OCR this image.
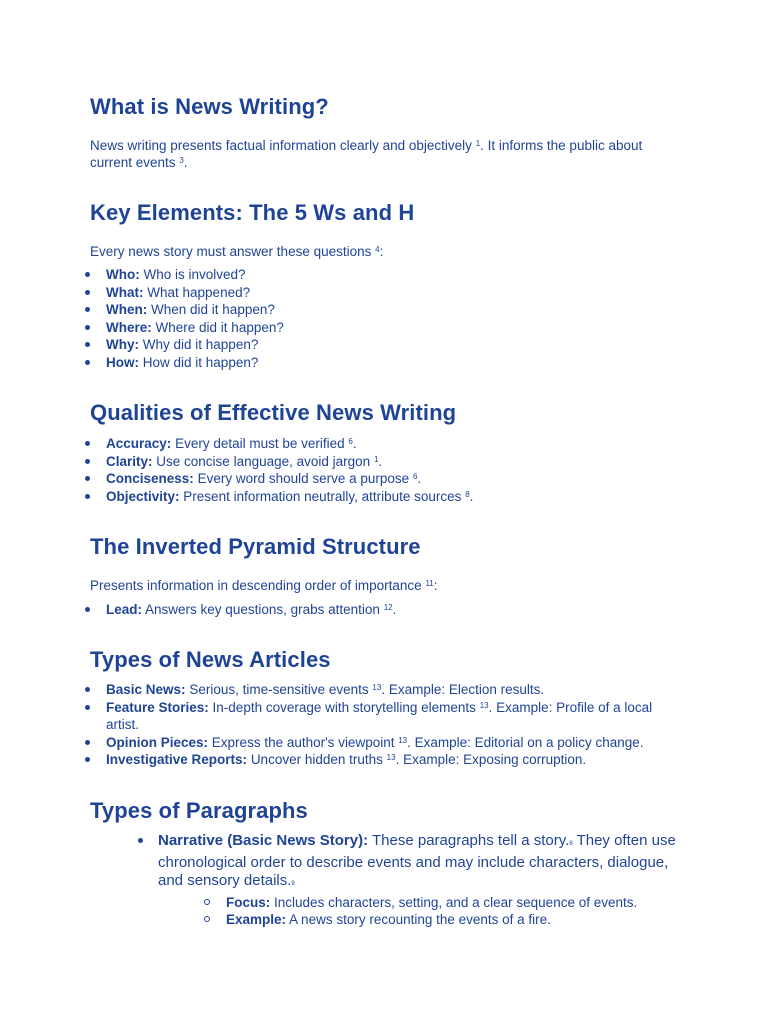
What is News Writing?

News writing presents factual information clearly and objectively $^1$. It informs the public about current events $^3$.

Key Elements: The 5 Ws and H

Every news story must answer these questions $^4$:

Who: Who is involved?
What: What happened?
When: When did it happen?
Where: Where did it happen?
Why: Why did it happen?
How: How did it happen?
Qualities of Effective News Writing
Accuracy: Every detail must be verified $^6$.
Clarity: Use concise language, avoid jargon $^1$.
Conciseness: Every word should serve a purpose $^6$.
Objectivity: Present information neutrally, attribute sources $^8$.
The Inverted Pyramid Structure

Presents information in descending order of importance $^{11}$:

Lead: Answers key questions, grabs attention $^{12}$.
Types of News Articles
Basic News: Serious, time-sensitive events $^{13}$. Example: Election results.
Feature Stories: In-depth coverage with storytelling elements $^{13}$. Example: Profile of a local artist.
Opinion Pieces: Express the author's viewpoint $^{13}$. Example: Editorial on a policy change.
Investigative Reports: Uncover hidden truths $^{13}$. Example: Exposing corruption.
Types of Paragraphs
Narrative (Basic News Story): These paragraphs tell a story.8 They often use chronological order to describe events and may include characters, dialogue, and sensory details.9
Focus: Includes characters, setting, and a clear sequence of events.
Example: A news story recounting the events of a fire.
